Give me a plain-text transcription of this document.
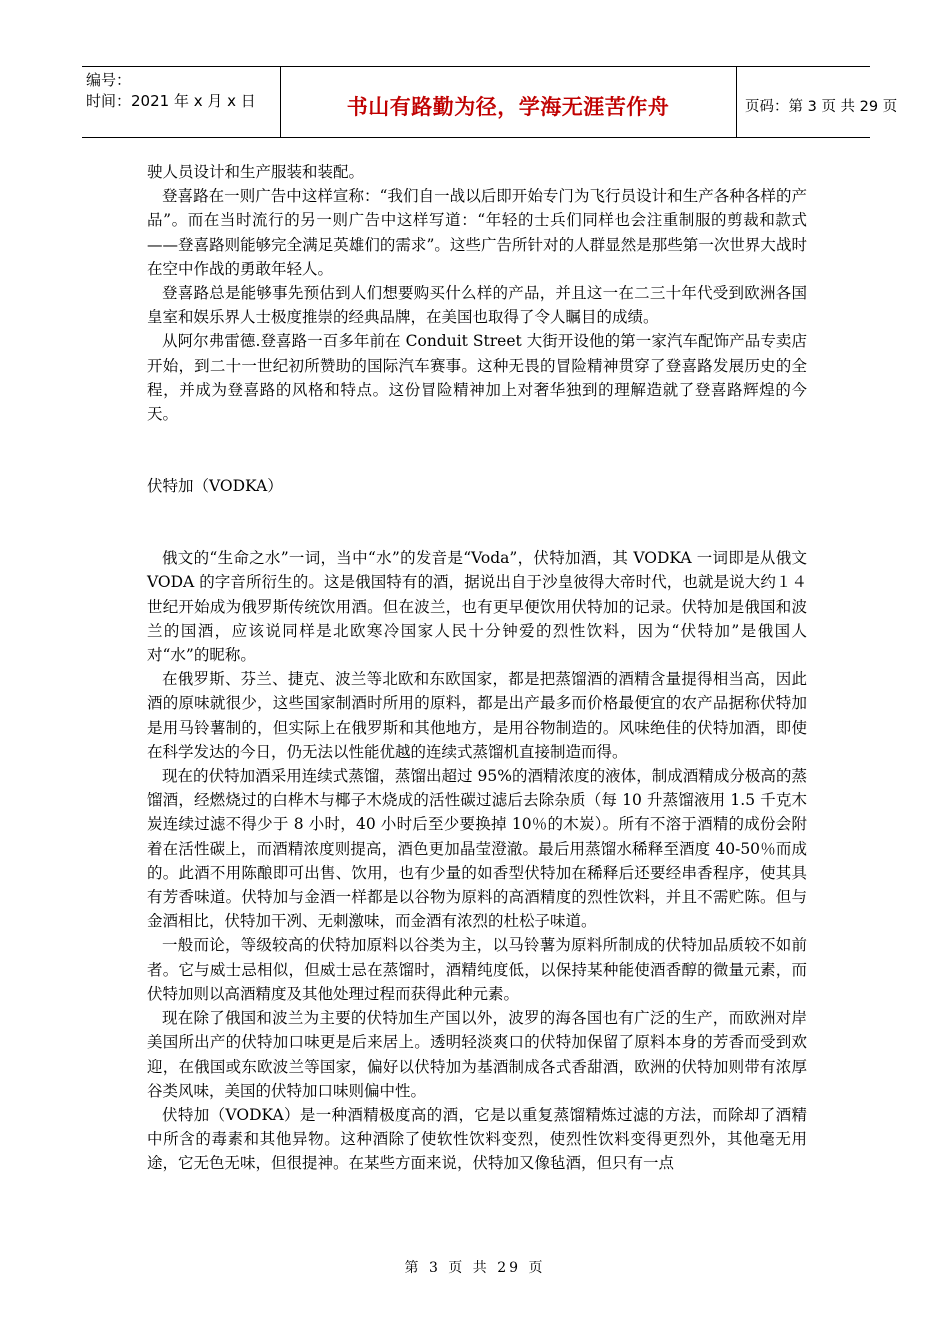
编号：
时间：2021 年 x 月 x 日	书山有路勤为径，学海无涯苦作舟	页码：第 3 页 共 29 页

驶人员设计和生产服装和装配。

登喜路在一则广告中这样宣称：“我们自一战以后即开始专门为飞行员设计和生产各种各样的产品”。而在当时流行的另一则广告中这样写道：“年轻的士兵们同样也会注重制服的剪裁和款式——登喜路则能够完全满足英雄们的需求”。这些广告所针对的人群显然是那些第一次世界大战时在空中作战的勇敢年轻人。

登喜路总是能够事先预估到人们想要购买什么样的产品，并且这一在二三十年代受到欧洲各国皇室和娱乐界人士极度推崇的经典品牌，在美国也取得了令人瞩目的成绩。

从阿尔弗雷德.登喜路一百多年前在 Conduit Street 大街开设他的第一家汽车配饰产品专卖店开始，到二十一世纪初所赞助的国际汽车赛事。这种无畏的冒险精神贯穿了登喜路发展历史的全程，并成为登喜路的风格和特点。这份冒险精神加上对奢华独到的理解造就了登喜路辉煌的今天。

伏特加（VODKA）

俄文的“生命之水”一词，当中“水”的发音是“Voda”，伏特加酒，其 VODKA 一词即是从俄文 VODA 的字音所衍生的。这是俄国特有的酒，据说出自于沙皇彼得大帝时代，也就是说大约１４世纪开始成为俄罗斯传统饮用酒。但在波兰，也有更早便饮用伏特加的记录。伏特加是俄国和波兰的国酒，应该说同样是北欧寒冷国家人民十分钟爱的烈性饮料，因为“伏特加”是俄国人对“水”的昵称。

在俄罗斯、芬兰、捷克、波兰等北欧和东欧国家，都是把蒸馏酒的酒精含量提得相当高，因此酒的原味就很少，这些国家制酒时所用的原料，都是出产最多而价格最便宜的农产品据称伏特加是用马铃薯制的，但实际上在俄罗斯和其他地方，是用谷物制造的。风味绝佳的伏特加酒，即使在科学发达的今日，仍无法以性能优越的连续式蒸馏机直接制造而得。

现在的伏特加酒采用连续式蒸馏，蒸馏出超过 95%的酒精浓度的液体，制成酒精成分极高的蒸馏酒，经燃烧过的白桦木与椰子木烧成的活性碳过滤后去除杂质（每 10 升蒸馏液用 1.5 千克木炭连续过滤不得少于 8 小时，40 小时后至少要换掉 10％的木炭）。所有不溶于酒精的成份会附着在活性碳上，而酒精浓度则提高，酒色更加晶莹澄澈。最后用蒸馏水稀释至酒度 40-50％而成的。此酒不用陈酿即可出售、饮用，也有少量的如香型伏特加在稀释后还要经串香程序，使其具有芳香味道。伏特加与金酒一样都是以谷物为原料的高酒精度的烈性饮料，并且不需贮陈。但与金酒相比，伏特加干冽、无刺激味，而金酒有浓烈的杜松子味道。

一般而论，等级较高的伏特加原料以谷类为主，以马铃薯为原料所制成的伏特加品质较不如前者。它与威士忌相似，但威士忌在蒸馏时，酒精纯度低，以保持某种能使酒香醇的微量元素，而伏特加则以高酒精度及其他处理过程而获得此种元素。

现在除了俄国和波兰为主要的伏特加生产国以外，波罗的海各国也有广泛的生产，而欧洲对岸美国所出产的伏特加口味更是后来居上。透明轻淡爽口的伏特加保留了原料本身的芳香而受到欢迎，在俄国或东欧波兰等国家，偏好以伏特加为基酒制成各式香甜酒，欧洲的伏特加则带有浓厚谷类风味，美国的伏特加口味则偏中性。

伏特加（VODKA）是一种酒精极度高的酒，它是以重复蒸馏精炼过滤的方法，而除却了酒精中所含的毒素和其他异物。这种酒除了使软性饮料变烈，使烈性饮料变得更烈外，其他毫无用途，它无色无味，但很提神。在某些方面来说，伏特加又像毡酒，但只有一点

第 3 页 共 29 页
